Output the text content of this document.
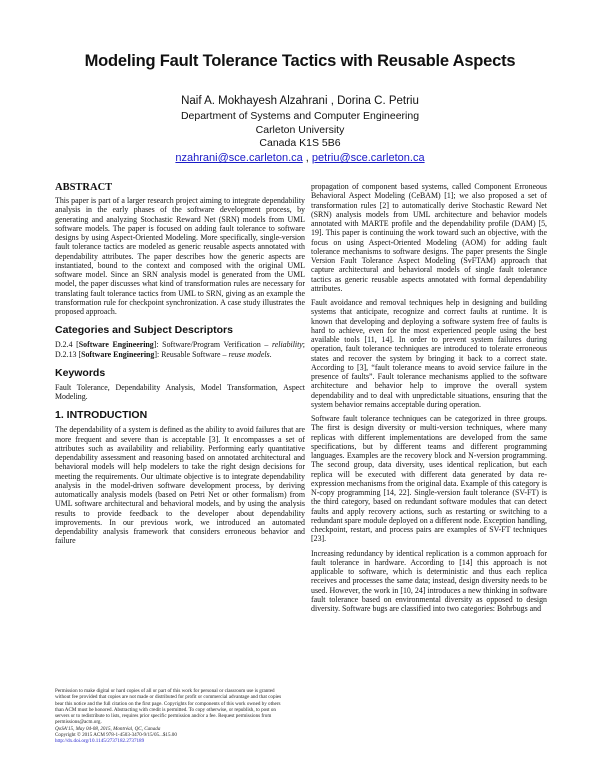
Modeling Fault Tolerance Tactics with Reusable Aspects
Naif A. Mokhayesh Alzahrani , Dorina C. Petriu
Department of Systems and Computer Engineering
Carleton University
Canada K1S 5B6
nzahrani@sce.carleton.ca , petriu@sce.carleton.ca
ABSTRACT

This paper is part of a larger research project aiming to integrate dependability analysis in the early phases of the software development process, by generating and analyzing Stochastic Reward Net (SRN) models from UML software models. The paper is focused on adding fault tolerance to software designs by using Aspect-Oriented Modeling. More specifically, single-version fault tolerance tactics are modeled as generic reusable aspects annotated with dependability attributes. The paper describes how the generic aspects are instantiated, bound to the context and composed with the original UML software model. Since an SRN analysis model is generated from the UML model, the paper discusses what kind of transformation rules are necessary for translating fault tolerance tactics from UML to SRN, giving as an example the transformation rule for checkpoint synchronization. A case study illustrates the proposed approach.

Categories and Subject Descriptors

D.2.4 [Software Engineering]: Software/Program Verification – reliability; D.2.13 [Software Engineering]: Reusable Software – reuse models.

Keywords

Fault Tolerance, Dependability Analysis, Model Transformation, Aspect Modeling.

1. INTRODUCTION

The dependability of a system is defined as the ability to avoid failures that are more frequent and severe than is acceptable [3]. It encompasses a set of attributes such as availability and reliability. Performing early quantitative dependability assessment and reasoning based on annotated architectural and behavioral models will help modelers to take the right design decisions for meeting the requirements. Our ultimate objective is to integrate dependability analysis in the model-driven software development process, by deriving automatically analysis models (based on Petri Net or other formalism) from UML software architectural and behavioral models, and by using the analysis results to provide feedback to the developer about dependability improvements. In our previous work, we introduced an automated dependability analysis framework that considers erroneous behavior and failure

Permission to make digital or hard copies of all or part of this work for personal or classroom use is granted without fee provided that copies are not made or distributed for profit or commercial advantage and that copies bear this notice and the full citation on the first page. Copyrights for components of this work owned by others than ACM must be honored. Abstracting with credit is permitted. To copy otherwise, or republish, to post on servers or to redistribute to lists, requires prior specific permission and/or a fee. Request permissions from permissions@acm.org.

QoSA'15, May 04-08, 2015, Montréal, QC, Canada

Copyright © 2015 ACM 978-1-4503-3470-9/15/05...$15.00

http://dx.doi.org/10.1145/2737182.2737189

propagation of component based systems, called Component Erroneous Behavioral Aspect Modeling (CeBAM) [1]; we also proposed a set of transformation rules [2] to automatically derive Stochastic Reward Net (SRN) analysis models from UML architecture and behavior models annotated with MARTE profile and the dependability profile (DAM) [5, 19]. This paper is continuing the work toward such an objective, with the focus on using Aspect-Oriented Modeling (AOM) for adding fault tolerance mechanisms to software designs. The paper presents the Single Version Fault Tolerance Aspect Modeling (SvFTAM) approach that capture architectural and behavioral models of single fault tolerance tactics as generic reusable aspects annotated with formal dependability attributes.

Fault avoidance and removal techniques help in designing and building systems that anticipate, recognize and correct faults at runtime. It is known that developing and deploying a software system free of faults is hard to achieve, even for the most experienced people using the best available tools [11, 14]. In order to prevent system failures during operation, fault tolerance techniques are introduced to tolerate erroneous states and recover the system by bringing it back to a correct state. According to [3], “fault tolerance means to avoid service failure in the presence of faults”. Fault tolerance mechanisms applied to the software architecture and behavior help to improve the overall system dependability and to deal with unpredictable situations, ensuring that the system behavior remains acceptable during operation.

Software fault tolerance techniques can be categorized in three groups. The first is design diversity or multi-version techniques, where many replicas with different implementations are developed from the same specifications, but by different teams and different programming languages. Examples are the recovery block and N-version programming. The second group, data diversity, uses identical replication, but each replica will be executed with different data generated by data re-expression mechanisms from the original data. Example of this category is N-copy programming [14, 22]. Single-version fault tolerance (SV-FT) is the third category, based on redundant software modules that can detect faults and apply recovery actions, such as restarting or switching to a redundant spare module deployed on a different node. Exception handling, checkpoint, restart, and process pairs are examples of SV-FT techniques [23].

Increasing redundancy by identical replication is a common approach for fault tolerance in hardware. According to [14] this approach is not applicable to software, which is deterministic and thus each replica receives and processes the same data; instead, design diversity needs to be used. However, the work in [10, 24] introduces a new thinking in software fault tolerance based on environmental diversity as opposed to design diversity. Software bugs are classified into two categories: Bohrbugs and
